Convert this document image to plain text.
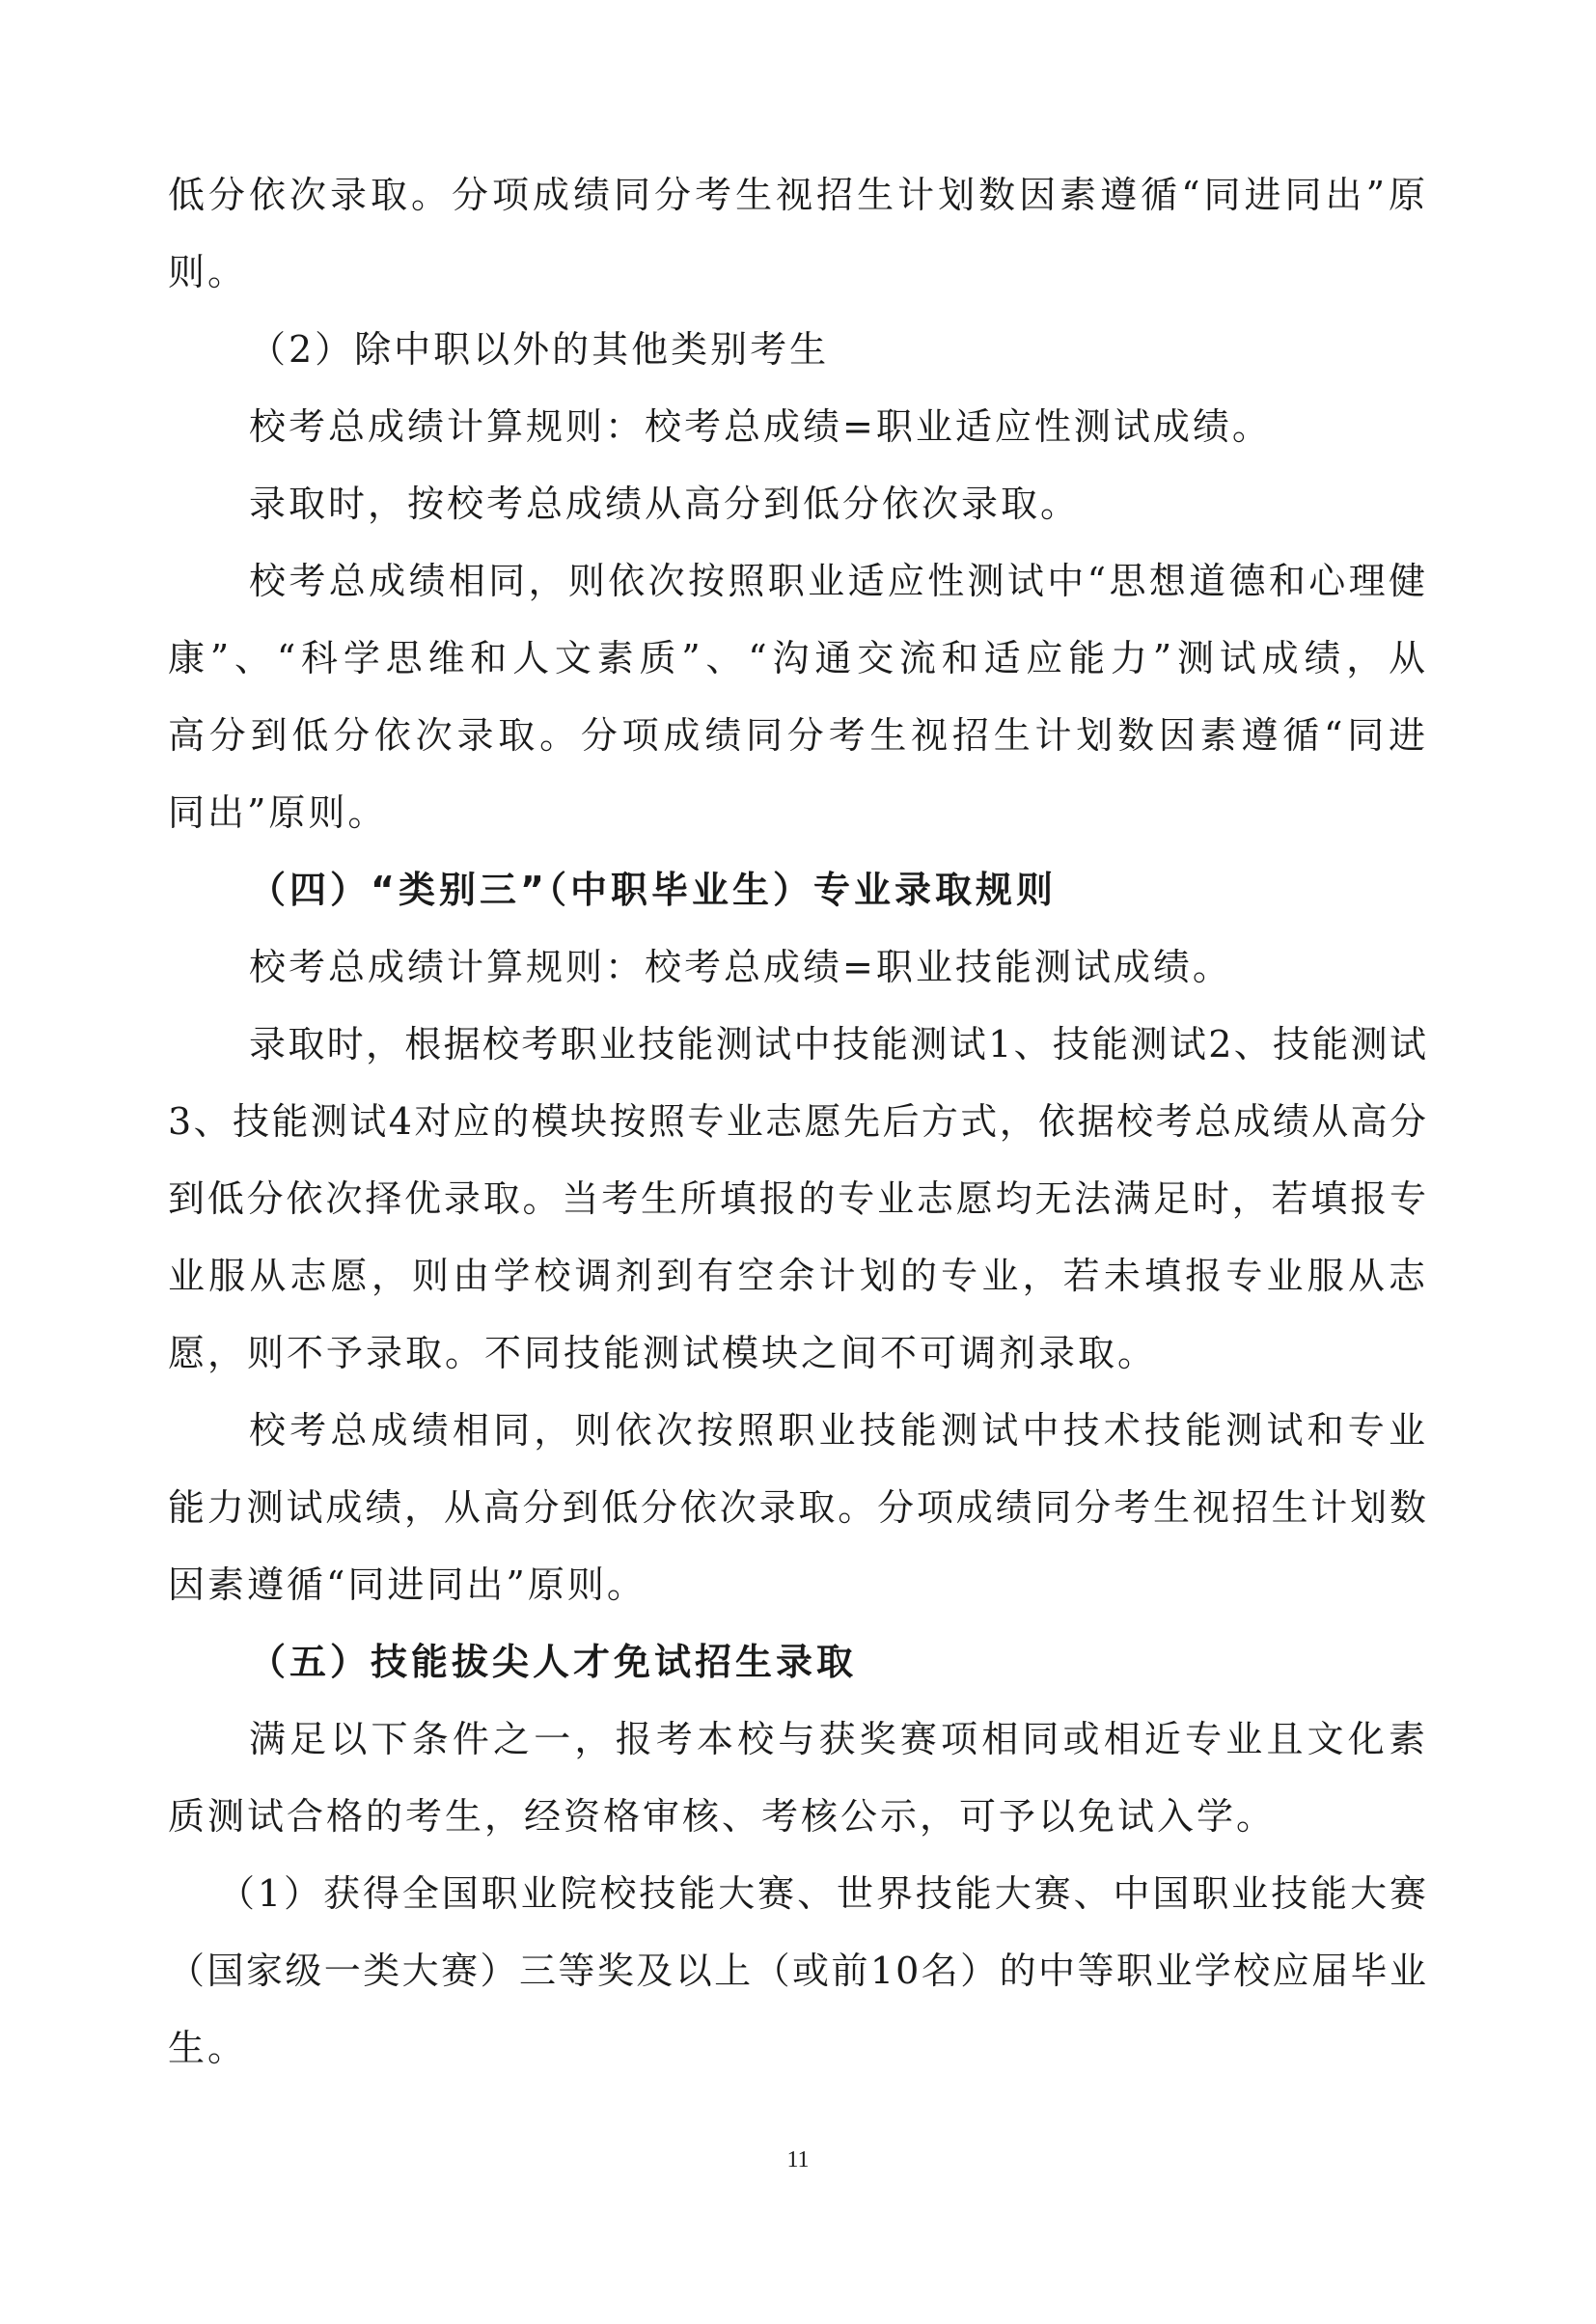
低分依次录取。分项成绩同分考生视招生计划数因素遵循“同进同出”原
则。
（2）除中职以外的其他类别考生
校考总成绩计算规则：校考总成绩=职业适应性测试成绩。
录取时，按校考总成绩从高分到低分依次录取。
校考总成绩相同，则依次按照职业适应性测试中“思想道德和心理健
康”、“科学思维和人文素质”、“沟通交流和适应能力”测试成绩，从
高分到低分依次录取。分项成绩同分考生视招生计划数因素遵循“同进
同出”原则。
（四）“类别三”（中职毕业生）专业录取规则
校考总成绩计算规则：校考总成绩=职业技能测试成绩。
录取时，根据校考职业技能测试中技能测试1、技能测试2、技能测试
3、技能测试4对应的模块按照专业志愿先后方式，依据校考总成绩从高分
到低分依次择优录取。当考生所填报的专业志愿均无法满足时，若填报专
业服从志愿，则由学校调剂到有空余计划的专业，若未填报专业服从志
愿，则不予录取。不同技能测试模块之间不可调剂录取。
校考总成绩相同，则依次按照职业技能测试中技术技能测试和专业
能力测试成绩，从高分到低分依次录取。分项成绩同分考生视招生计划数
因素遵循“同进同出”原则。
（五）技能拔尖人才免试招生录取
满足以下条件之一，报考本校与获奖赛项相同或相近专业且文化素
质测试合格的考生，经资格审核、考核公示，可予以免试入学。
（1）获得全国职业院校技能大赛、世界技能大赛、中国职业技能大赛
（国家级一类大赛）三等奖及以上（或前10名）的中等职业学校应届毕业
生。
11
